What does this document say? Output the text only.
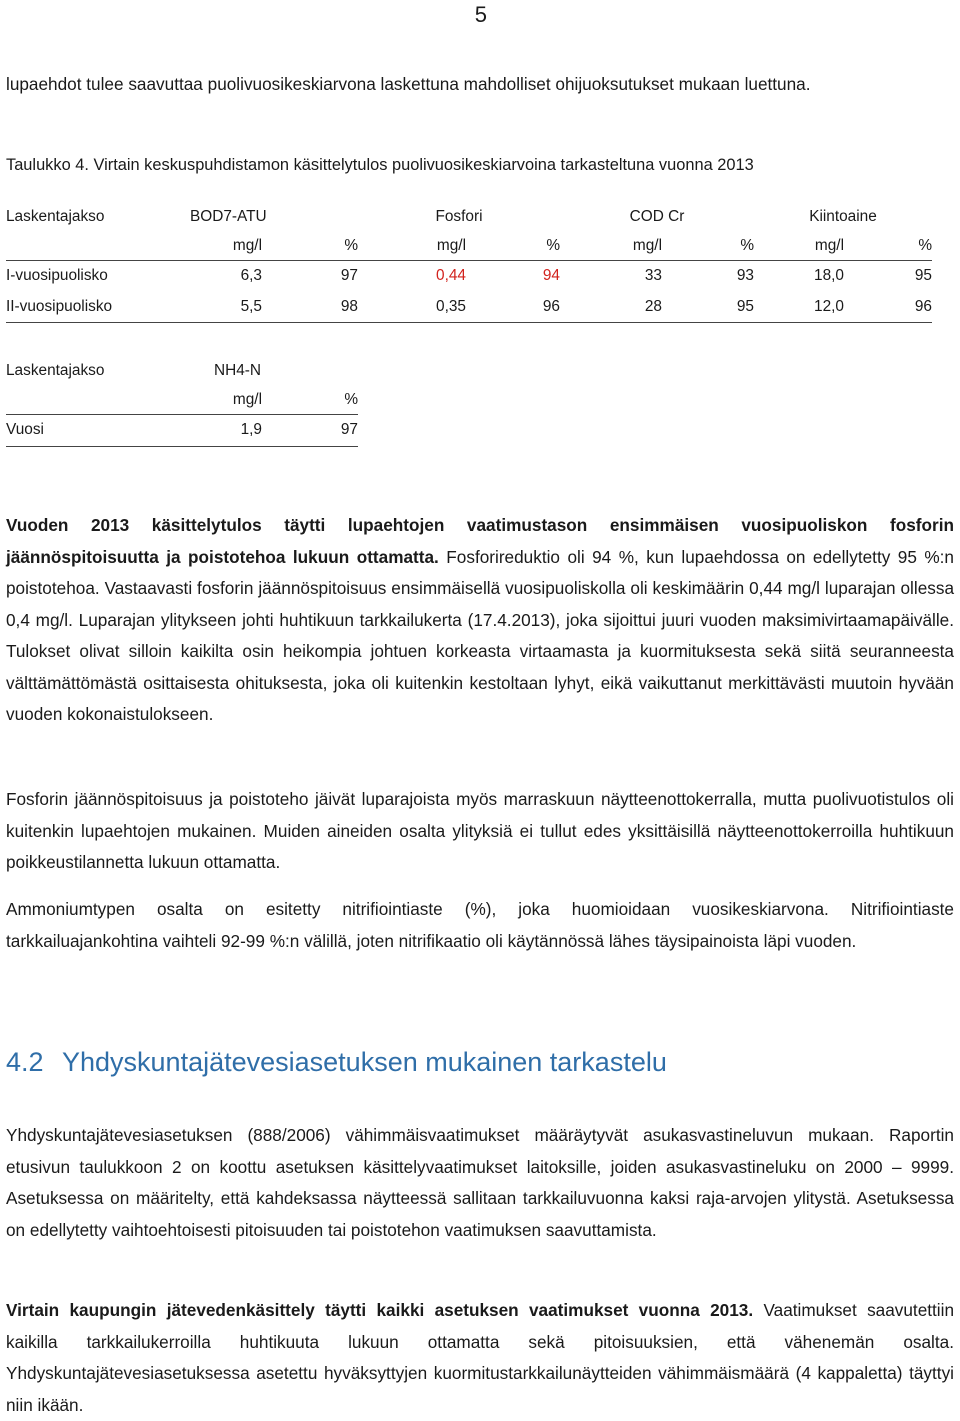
5

lupaehdot tulee saavuttaa puolivuosikeskiarvona laskettuna mahdolliset ohijuoksutukset mukaan luettuna.

Taulukko 4. Virtain keskuspuhdistamon käsittelytulos puolivuosikeskiarvoina tarkasteltuna vuonna 2013
Laskentajakso	BOD7-ATU		Fosfori		COD Cr		Kiintoaine	
	mg/l	%	mg/l	%	mg/l	%	mg/l	%
I-vuosipuolisko	6,3	97	0,44	94	33	93	18,0	95
II-vuosipuolisko	5,5	98	0,35	96	28	95	12,0	96
Laskentajakso	NH4-N	
	mg/l	%
Vuosi	1,9	97

Vuoden 2013 käsittelytulos täytti lupaehtojen vaatimustason ensimmäisen vuosipuoliskon fosforin jäännöspitoisuutta ja poistotehoa lukuun ottamatta. Fosforireduktio oli 94 %, kun lupaehdossa on edellytetty 95 %:n poistotehoa. Vastaavasti fosforin jäännöspitoisuus ensimmäisellä vuosipuoliskolla oli keskimäärin 0,44 mg/l luparajan ollessa 0,4 mg/l. Luparajan ylitykseen johti huhtikuun tarkkailukerta (17.4.2013), joka sijoittui juuri vuoden maksimivirtaamapäivälle. Tulokset olivat silloin kaikilta osin heikompia johtuen korkeasta virtaamasta ja kuormituksesta sekä siitä seuranneesta välttämättömästä osittaisesta ohituksesta, joka oli kuitenkin kestoltaan lyhyt, eikä vaikuttanut merkittävästi muutoin hyvään vuoden kokonaistulokseen.

Fosforin jäännöspitoisuus ja poistoteho jäivät luparajoista myös marraskuun näytteenottokerralla, mutta puolivuotistulos oli kuitenkin lupaehtojen mukainen. Muiden aineiden osalta ylityksiä ei tullut edes yksittäisillä näytteenottokerroilla huhtikuun poikkeustilannetta lukuun ottamatta.

Ammoniumtypen osalta on esitetty nitrifiointiaste (%), joka huomioidaan vuosikeskiarvona. Nitrifiointiaste tarkkailuajankohtina vaihteli 92-99 %:n välillä, joten nitrifikaatio oli käytännössä lähes täysipainoista läpi vuoden.

4.2 Yhdyskuntajätevesiasetuksen mukainen tarkastelu

Yhdyskuntajätevesiasetuksen (888/2006) vähimmäisvaatimukset määräytyvät asukasvastineluvun mukaan. Raportin etusivun taulukkoon 2 on koottu asetuksen käsittelyvaatimukset laitoksille, joiden asukasvastineluku on 2000 – 9999. Asetuksessa on määritelty, että kahdeksassa näytteessä sallitaan tarkkailuvuonna kaksi raja-arvojen ylitystä. Asetuksessa on edellytetty vaihtoehtoisesti pitoisuuden tai poistotehon vaatimuksen saavuttamista.

Virtain kaupungin jätevedenkäsittely täytti kaikki asetuksen vaatimukset vuonna 2013. Vaatimukset saavutettiin kaikilla tarkkailukerroilla huhtikuuta lukuun ottamatta sekä pitoisuuksien, että vähenemän osalta. Yhdyskuntajätevesiasetuksessa asetettu hyväksyttyjen kuormitustarkkailunäytteiden vähimmäismäärä (4 kappaletta) täyttyi niin ikään.
